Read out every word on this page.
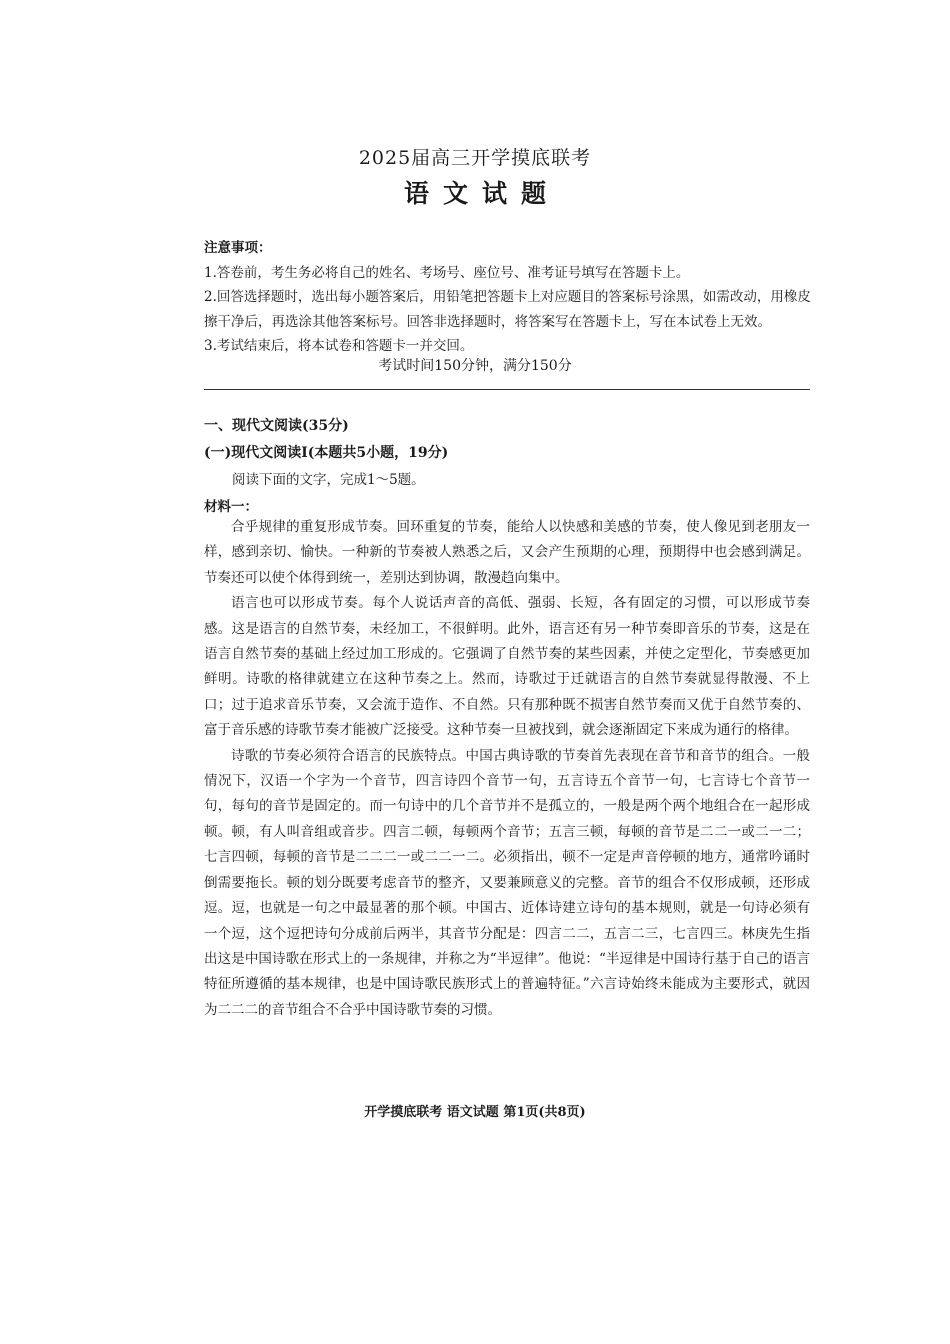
2025届高三开学摸底联考
语文试题
注意事项：
1.答卷前，考生务必将自己的姓名、考场号、座位号、准考证号填写在答题卡上。
2.回答选择题时，选出每小题答案后，用铅笔把答题卡上对应题目的答案标号涂黑，如需改动，用橡皮
擦干净后，再选涂其他答案标号。回答非选择题时，将答案写在答题卡上，写在本试卷上无效。
3.考试结束后，将本试卷和答题卡一并交回。
考试时间150分钟，满分150分
一、现代文阅读(35分)
(一)现代文阅读Ⅰ(本题共5小题，19分)
阅读下面的文字，完成1～5题。
材料一：

合乎规律的重复形成节奏。回环重复的节奏，能给人以快感和美感的节奏，使人像见到老朋友一样，感到亲切、愉快。一种新的节奏被人熟悉之后，又会产生预期的心理，预期得中也会感到满足。节奏还可以使个体得到统一，差别达到协调，散漫趋向集中。

语言也可以形成节奏。每个人说话声音的高低、强弱、长短，各有固定的习惯，可以形成节奏感。这是语言的自然节奏，未经加工，不很鲜明。此外，语言还有另一种节奏即音乐的节奏，这是在语言自然节奏的基础上经过加工形成的。它强调了自然节奏的某些因素，并使之定型化，节奏感更加鲜明。诗歌的格律就建立在这种节奏之上。然而，诗歌过于迁就语言的自然节奏就显得散漫、不上口；过于追求音乐节奏，又会流于造作、不自然。只有那种既不损害自然节奏而又优于自然节奏的、富于音乐感的诗歌节奏才能被广泛接受。这种节奏一旦被找到，就会逐渐固定下来成为通行的格律。

诗歌的节奏必须符合语言的民族特点。中国古典诗歌的节奏首先表现在音节和音节的组合。一般情况下，汉语一个字为一个音节，四言诗四个音节一句，五言诗五个音节一句，七言诗七个音节一句，每句的音节是固定的。而一句诗中的几个音节并不是孤立的，一般是两个两个地组合在一起形成顿。顿，有人叫音组或音步。四言二顿，每顿两个音节；五言三顿，每顿的音节是二二一或二一二；七言四顿，每顿的音节是二二二一或二二一二。必须指出，顿不一定是声音停顿的地方，通常吟诵时倒需要拖长。顿的划分既要考虑音节的整齐，又要兼顾意义的完整。音节的组合不仅形成顿，还形成逗。逗，也就是一句之中最显著的那个顿。中国古、近体诗建立诗句的基本规则，就是一句诗必须有一个逗，这个逗把诗句分成前后两半，其音节分配是：四言二二，五言二三，七言四三。林庚先生指出这是中国诗歌在形式上的一条规律，并称之为“半逗律”。他说：“半逗律是中国诗行基于自己的语言特征所遵循的基本规律，也是中国诗歌民族形式上的普遍特征。”六言诗始终未能成为主要形式，就因为二二二的音节组合不合乎中国诗歌节奏的习惯。

开学摸底联考 语文试题 第1页(共8页)
